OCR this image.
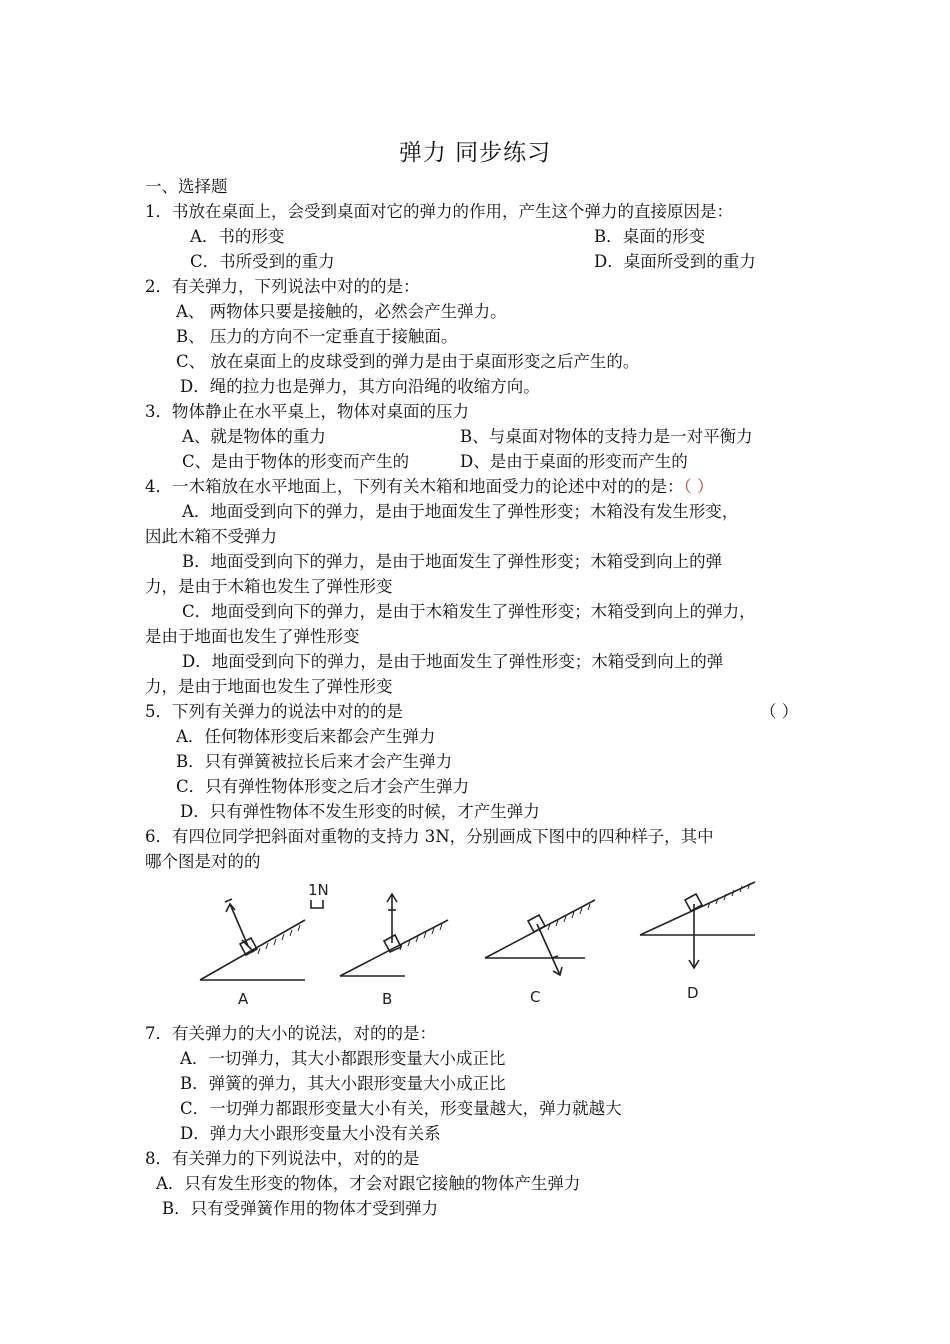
弹力 同步练习
一、选择题
1．书放在桌面上，会受到桌面对它的弹力的作用，产生这个弹力的直接原因是：
A．书的形变	B．桌面的形变
C．书所受到的重力	D．桌面所受到的重力
2．有关弹力，下列说法中对的的是：
A、 两物体只要是接触的，必然会产生弹力。
B、 压力的方向不一定垂直于接触面。
C、 放在桌面上的皮球受到的弹力是由于桌面形变之后产生的。
D．绳的拉力也是弹力，其方向沿绳的收缩方向。
3．物体静止在水平桌上，物体对桌面的压力
A、就是物体的重力	B、与桌面对物体的支持力是一对平衡力
C、是由于物体的形变而产生的	D、是由于桌面的形变而产生的
4．一木箱放在水平地面上，下列有关木箱和地面受力的论述中对的的是：（ ）
A．地面受到向下的弹力，是由于地面发生了弹性形变；木箱没有发生形变，
因此木箱不受弹力
B．地面受到向下的弹力，是由于地面发生了弹性形变；木箱受到向上的弹
力，是由于木箱也发生了弹性形变
C．地面受到向下的弹力，是由于木箱发生了弹性形变；木箱受到向上的弹力，
是由于地面也发生了弹性形变
D．地面受到向下的弹力，是由于地面发生了弹性形变；木箱受到向上的弹
力，是由于地面也发生了弹性形变
5．下列有关弹力的说法中对的的是	（ ）
A．任何物体形变后来都会产生弹力
B．只有弹簧被拉长后来才会产生弹力
C．只有弹性物体形变之后才会产生弹力
D．只有弹性物体不发生形变的时候，才产生弹力
6．有四位同学把斜面对重物的支持力 3N，分别画成下图中的四种样子，其中
哪个图是对的的
1N
A	B	C	D
7．有关弹力的大小的说法，对的的是：
A．一切弹力，其大小都跟形变量大小成正比
B．弹簧的弹力，其大小跟形变量大小成正比
C．一切弹力都跟形变量大小有关，形变量越大，弹力就越大
D．弹力大小跟形变量大小没有关系
8．有关弹力的下列说法中，对的的是
A．只有发生形变的物体，才会对跟它接触的物体产生弹力
B．只有受弹簧作用的物体才受到弹力
